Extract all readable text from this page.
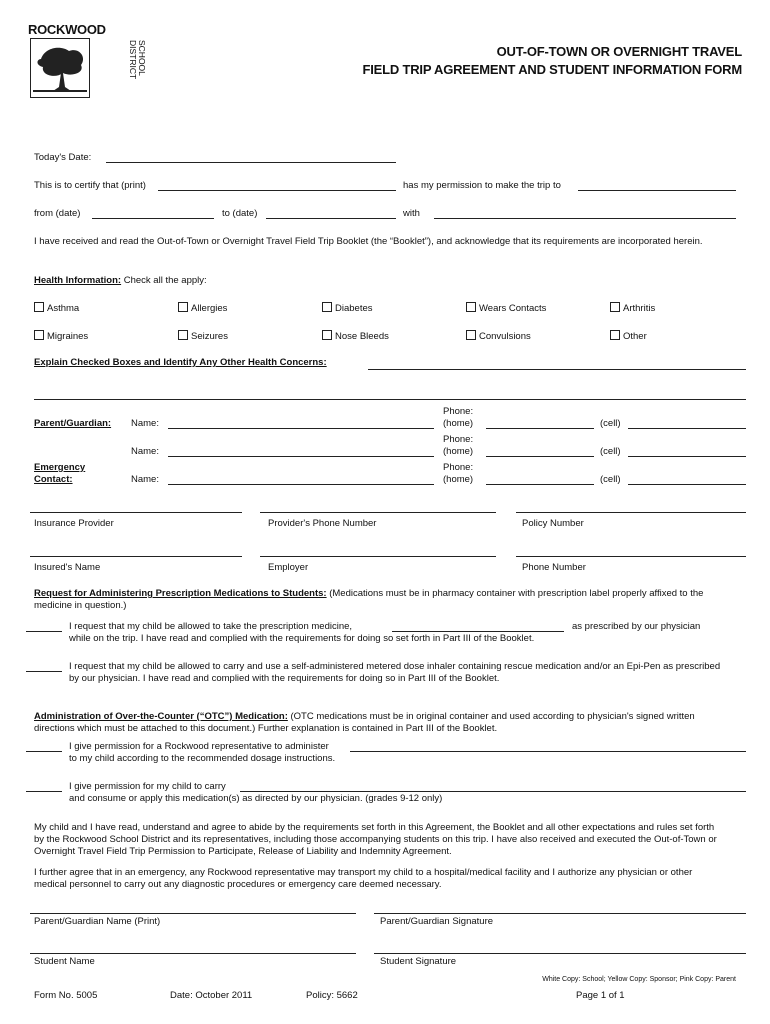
ROCKWOOD
SCHOOL DISTRICT	OUT-OF-TOWN OR OVERNIGHT TRAVEL
FIELD TRIP AGREEMENT AND STUDENT INFORMATION FORM
Today's Date:
This is to certify that (print)	has my permission to make the trip to
from (date)	to (date)	with
I have received and read the Out-of-Town or Overnight Travel Field Trip Booklet (the “Booklet”), and acknowledge that its requirements are incorporated herein.
Health Information: Check all the apply:
Asthma	Allergies	Diabetes	Wears Contacts	Arthritis
Migraines	Seizures	Nose Bleeds	Convulsions	Other
Explain Checked Boxes and Identify Any Other Health Concerns:
Parent/Guardian: Name:
Phone:
(home)	(cell)
Name:
Phone:
(home)	(cell)
Emergency
Contact:	Name:
Phone:
(home)	(cell)
Insurance Provider	Provider's Phone Number	Policy Number
Insured's Name	Employer	Phone Number
Request for Administering Prescription Medications to Students: (Medications must be in pharmacy container with prescription label properly affixed to the medicine in question.)
I request that my child be allowed to take the prescription medicine,	as prescribed by our physician
while on the trip. I have read and complied with the requirements for doing so set forth in Part III of the Booklet.
I request that my child be allowed to carry and use a self-administered metered dose inhaler containing rescue medication and/or an Epi-Pen as prescribed by our physician. I have read and complied with the requirements for doing so in Part III of the Booklet.
Administration of Over-the-Counter (“OTC”) Medication: (OTC medications must be in original container and used according to physician's signed written directions which must be attached to this document.) Further explanation is contained in Part III of the Booklet.
I give permission for a Rockwood representative to administer
to my child according to the recommended dosage instructions.
I give permission for my child to carry
and consume or apply this medication(s) as directed by our physician. (grades 9-12 only)
My child and I have read, understand and agree to abide by the requirements set forth in this Agreement, the Booklet and all other expectations and rules set forth by the Rockwood School District and its representatives, including those accompanying students on this trip. I have also received and executed the Out-of-Town or Overnight Travel Field Trip Permission to Participate, Release of Liability and Indemnity Agreement.
I further agree that in an emergency, any Rockwood representative may transport my child to a hospital/medical facility and I authorize any physician or other medical personnel to carry out any diagnostic procedures or emergency care deemed necessary.
Parent/Guardian Name (Print)	Parent/Guardian Signature
Student Name	Student Signature
White Copy: School; Yellow Copy: Sponsor; Pink Copy: Parent
Form No. 5005	Date: October 2011	Policy: 5662	Page 1 of 1
